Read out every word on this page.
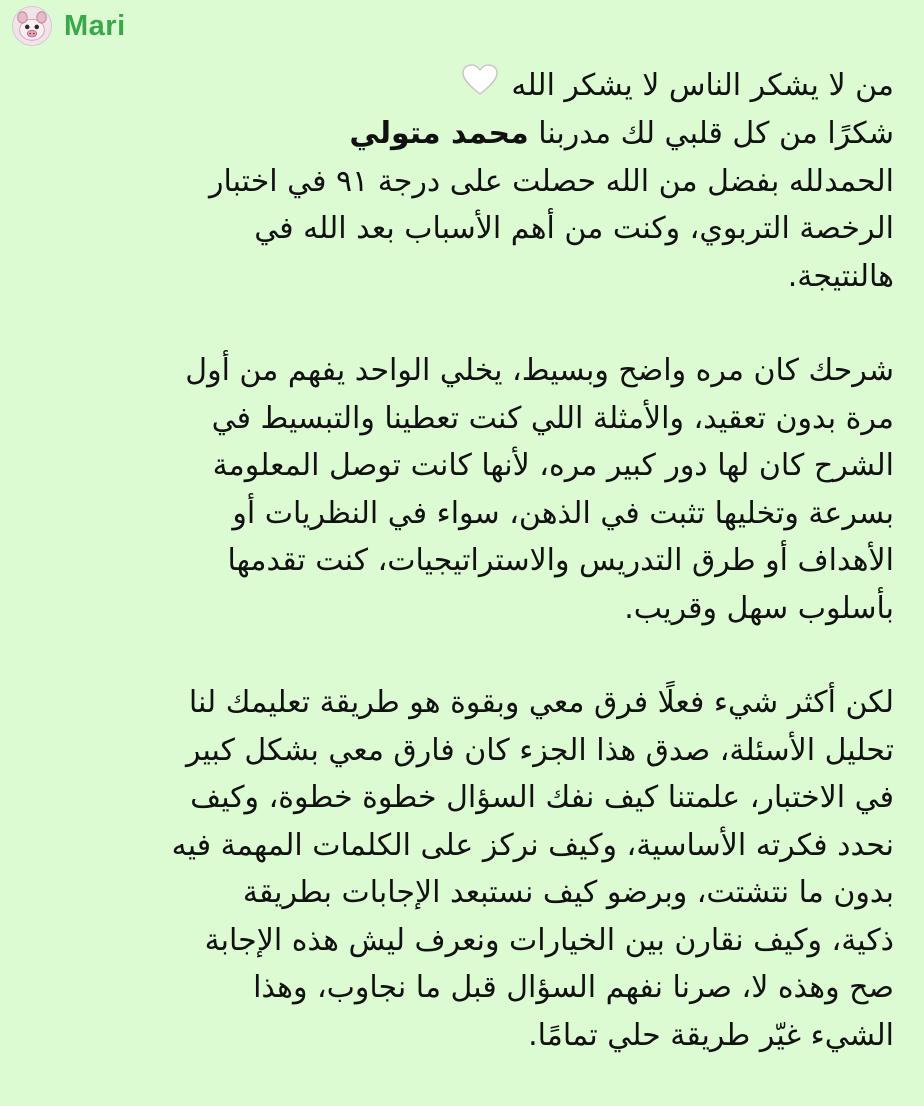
Mari
من لا يشكر الناس لا يشكر الله
شكرًا من كل قلبي لك مدربنا محمد متولي
الحمدلله بفضل من الله حصلت على درجة ٩١ في اختبار
الرخصة التربوي، وكنت من أهم الأسباب بعد الله في
هالنتيجة.
شرحك كان مره واضح وبسيط، يخلي الواحد يفهم من أول
مرة بدون تعقيد، والأمثلة اللي كنت تعطينا والتبسيط في
الشرح كان لها دور كبير مره، لأنها كانت توصل المعلومة
بسرعة وتخليها تثبت في الذهن، سواء في النظريات أو
الأهداف أو طرق التدريس والاستراتيجيات، كنت تقدمها
بأسلوب سهل وقريب.
لكن أكثر شيء فعلًا فرق معي وبقوة هو طريقة تعليمك لنا
تحليل الأسئلة، صدق هذا الجزء كان فارق معي بشكل كبير
في الاختبار، علمتنا كيف نفك السؤال خطوة خطوة، وكيف
نحدد فكرته الأساسية، وكيف نركز على الكلمات المهمة فيه
بدون ما نتشتت، وبرضو كيف نستبعد الإجابات بطريقة
ذكية، وكيف نقارن بين الخيارات ونعرف ليش هذه الإجابة
صح وهذه لا، صرنا نفهم السؤال قبل ما نجاوب، وهذا
الشيء غيّر طريقة حلي تمامًا.
